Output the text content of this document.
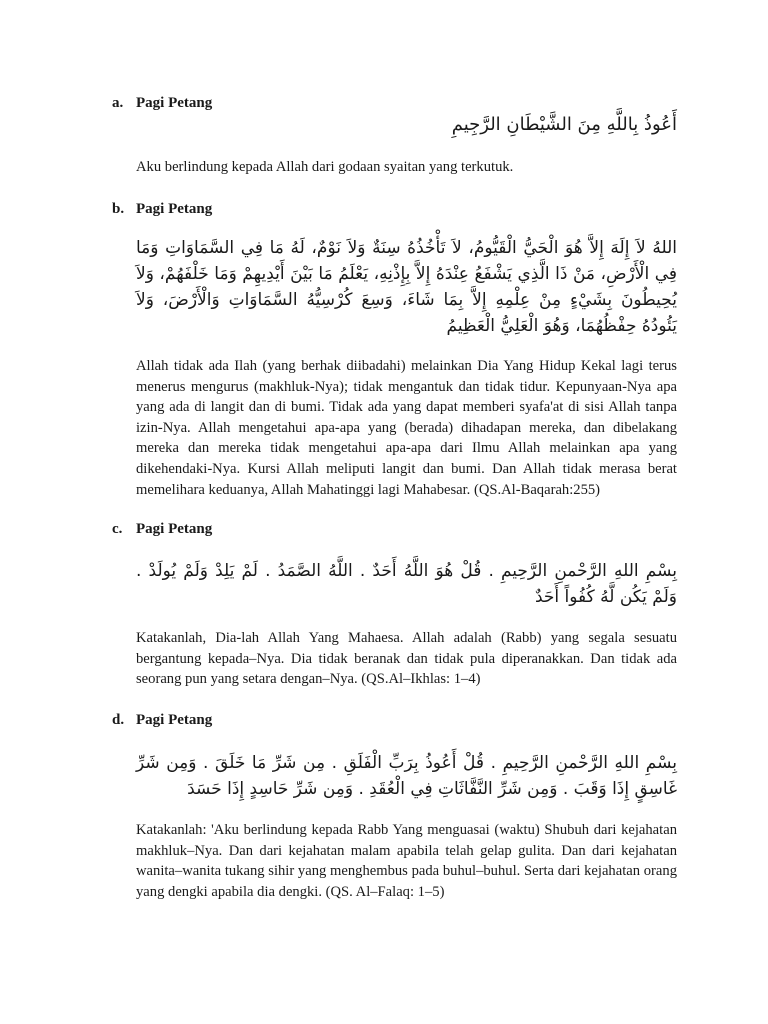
a. Pagi Petang
أَعُوذُ بِاللَّهِ مِنَ الشَّيْطَانِ الرَّجِيمِ
Aku berlindung kepada Allah dari godaan syaitan yang terkutuk.
b. Pagi Petang
اللهُ لاَ إِلَهَ إِلاَّ هُوَ الْحَيُّ الْقَيُّومُ، لاَ تَأْخُذُهُ سِنَةٌ وَلاَ نَوْمٌ، لَهُ مَا فِي السَّمَاوَاتِ وَمَا فِي الْأَرْضِ، مَنْ ذَا الَّذِي يَشْفَعُ عِنْدَهُ إِلاَّ بِإِذْنِهِ، يَعْلَمُ مَا بَيْنَ أَيْدِيهِمْ وَمَا خَلْفَهُمْ، وَلاَ يُحِيطُونَ بِشَيْءٍ مِنْ عِلْمِهِ إِلاَّ بِمَا شَاءَ، وَسِعَ كُرْسِيُّهُ السَّمَاوَاتِ وَالْأَرْضَ، وَلاَ يَئُودُهُ حِفْظُهُمَا، وَهُوَ الْعَلِيُّ الْعَظِيمُ
Allah tidak ada Ilah (yang berhak diibadahi) melainkan Dia Yang Hidup Kekal lagi terus menerus mengurus (makhluk-Nya); tidak mengantuk dan tidak tidur. Kepunyaan-Nya apa yang ada di langit dan di bumi. Tidak ada yang dapat memberi syafa'at di sisi Allah tanpa izin-Nya. Allah mengetahui apa-apa yang (berada) dihadapan mereka, dan dibelakang mereka dan mereka tidak mengetahui apa-apa dari Ilmu Allah melainkan apa yang dikehendaki-Nya. Kursi Allah meliputi langit dan bumi. Dan Allah tidak merasa berat memelihara keduanya, Allah Mahatinggi lagi Mahabesar. (QS.Al-Baqarah:255)
c. Pagi Petang
بِسْمِ اللهِ الرَّحْمنِ الرَّحِيمِ . قُلْ هُوَ اللَّهُ أَحَدٌ . اللَّهُ الصَّمَدُ . لَمْ يَلِدْ وَلَمْ يُولَدْ . وَلَمْ يَكُن لَّهُ كُفُواً أَحَدٌ
Katakanlah, Dia-lah Allah Yang Mahaesa. Allah adalah (Rabb) yang segala sesuatu bergantung kepada–Nya. Dia tidak beranak dan tidak pula diperanakkan. Dan tidak ada seorang pun yang setara dengan–Nya. (QS.Al–Ikhlas: 1–4)
d. Pagi Petang
بِسْمِ اللهِ الرَّحْمنِ الرَّحِيمِ . قُلْ أَعُوذُ بِرَبِّ الْفَلَقِ . مِن شَرِّ مَا خَلَقَ . وَمِن شَرِّ غَاسِقٍ إِذَا وَقَبَ . وَمِن شَرِّ النَّفَّاثَاتِ فِي الْعُقَدِ . وَمِن شَرِّ حَاسِدٍ إِذَا حَسَدَ
Katakanlah: 'Aku berlindung kepada Rabb Yang menguasai (waktu) Shubuh dari kejahatan makhluk–Nya. Dan dari kejahatan malam apabila telah gelap gulita. Dan dari kejahatan wanita–wanita tukang sihir yang menghembus pada buhul–buhul. Serta dari kejahatan orang yang dengki apabila dia dengki. (QS. Al–Falaq: 1–5)
